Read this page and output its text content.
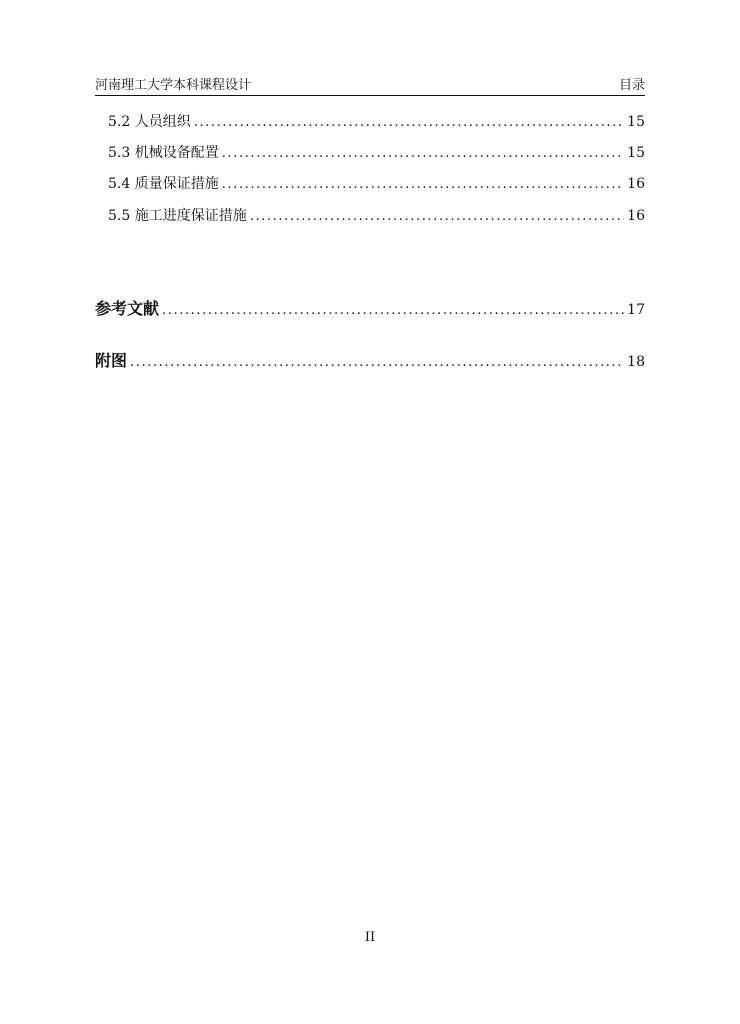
河南理工大学本科课程设计	目录
5.2 人员组织 .....	15
5.3 机械设备配置 .....	15
5.4 质量保证措施 .....	16
5.5 施工进度保证措施 .....	16
参考文献 .....	17
附图 .....	18
II
